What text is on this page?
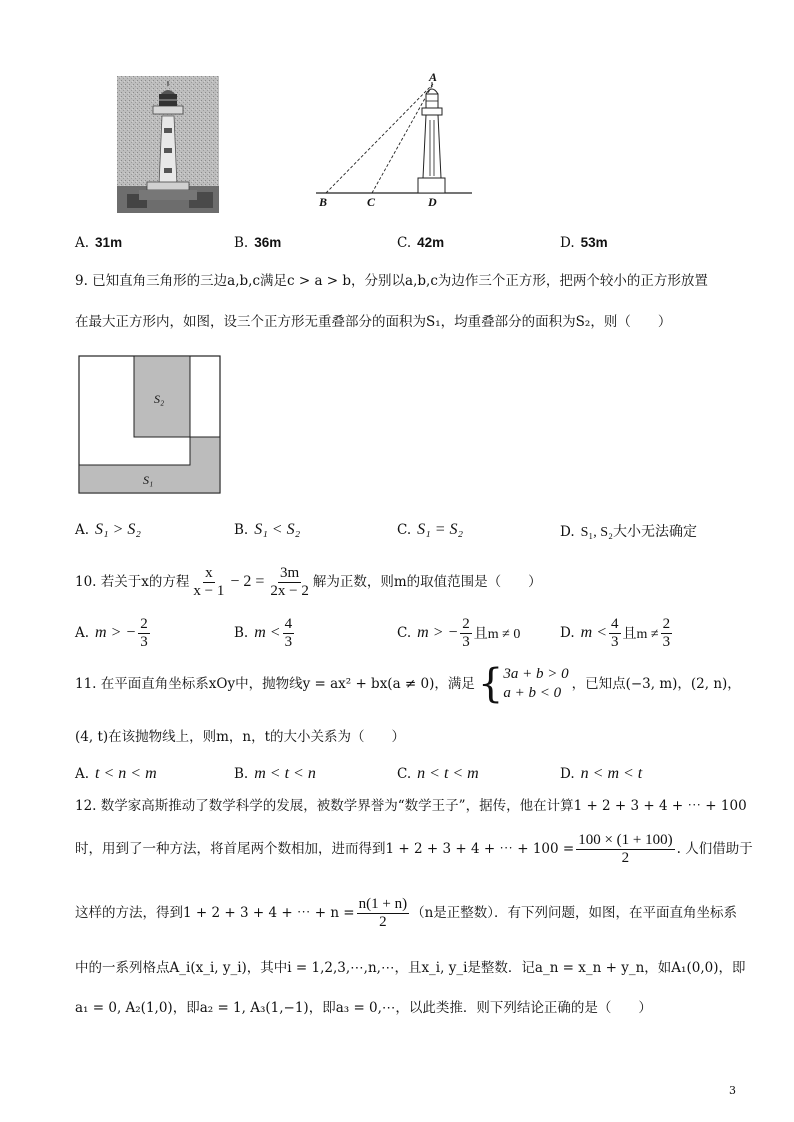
A
B	C	D
A. 31m	B. 36m	C. 42m	D. 53m
9. 已知直角三角形的三边a,b,c满足c > a > b，分别以a,b,c为边作三个正方形，把两个较小的正方形放置
在最大正方形内，如图，设三个正方形无重叠部分的面积为S₁，均重叠部分的面积为S₂，则（　　）
S₂
S₁
A. S₁ > S₂	B. S₁ < S₂	C. S₁ = S₂	D. S₁, S₂大小无法确定
10. 若关于x的方程 $\frac{x}{x - 1} - 2 = \frac{3m}{2x - 2}$ 解为正数，则m的取值范围是（　　）
A. m > − $\frac{2}{3}$	B. $m < \frac{4}{3}$	C. m > − $\frac{2}{3}$ 且m ≠ 0	D. $m < \frac{4}{3}$ 且$m \ne \frac{2}{3}$
11. 在平面直角坐标系xOy中，抛物线y = ax² + bx(a ≠ 0)，满足 { 3a + b > 0
a + b < 0
，已知点(−3, m)，(2, n)，
(4, t)在该抛物线上，则m，n，t的大小关系为（　　）
A. t < n < m	B. m < t < n	C. n < t < m	D. n < m < t
12. 数学家高斯推动了数学科学的发展，被数学界誉为“数学王子”，据传，他在计算1 + 2 + 3 + 4 + ⋯ + 100
时，用到了一种方法，将首尾两个数相加，进而得到1 + 2 + 3 + 4 + ⋯ + $100 = \frac{100 \times (1 + 100)}{2}$ . 人们借助于
这样的方法，得到1 + 2 + 3 + 4 + ⋯ + $n = \frac{n(1 + n)}{2} (n$是正整数）．有下列问题，如图，在平面直角坐标系
中的一系列格点A_i(x_i, y_i)，其中i = 1,2,3,⋯,n,⋯，且x_i, y_i是整数．记a_n = x_n + y_n，如A₁(0,0)，即
a₁ = 0, A₂(1,0)，即a₂ = 1, A₃(1,−1)，即a₃ = 0,⋯，以此类推．则下列结论正确的是（　　）
3
